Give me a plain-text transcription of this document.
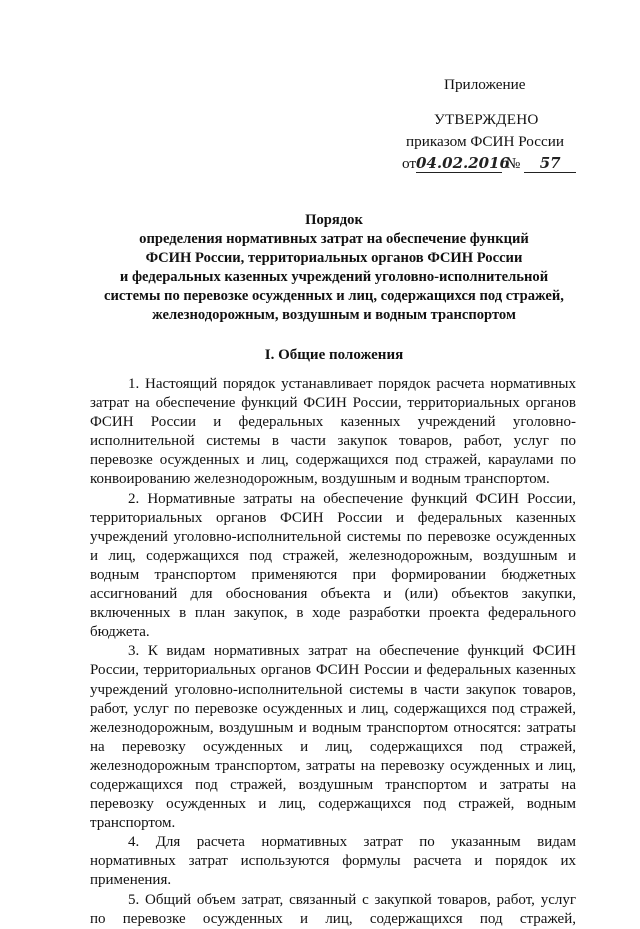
Приложение
УТВЕРЖДЕНО
приказом ФСИН России
от04.02.2016 № 57
Порядок
определения нормативных затрат на обеспечение функций
ФСИН России, территориальных органов ФСИН России
и федеральных казенных учреждений уголовно-исполнительной
системы по перевозке осужденных и лиц, содержащихся под стражей,
железнодорожным, воздушным и водным транспортом
I. Общие положения

1. Настоящий порядок устанавливает порядок расчета нормативных затрат на обеспечение функций ФСИН России, территориальных органов ФСИН России и федеральных казенных учреждений уголовно-исполнительной системы в части закупок товаров, работ, услуг по перевозке осужденных и лиц, содержащихся под стражей, караулами по конвоированию железнодорожным, воздушным и водным транспортом.

2. Нормативные затраты на обеспечение функций ФСИН России, территориальных органов ФСИН России и федеральных казенных учреждений уголовно-исполнительной системы по перевозке осужденных и лиц, содержащихся под стражей, железнодорожным, воздушным и водным транспортом применяются при формировании бюджетных ассигнований для обоснования объекта и (или) объектов закупки, включенных в план закупок, в ходе разработки проекта федерального бюджета.

3. К видам нормативных затрат на обеспечение функций ФСИН России, территориальных органов ФСИН России и федеральных казенных учреждений уголовно-исполнительной системы в части закупок товаров, работ, услуг по перевозке осужденных и лиц, содержащихся под стражей, железнодорожным, воздушным и водным транспортом относятся: затраты на перевозку осужденных и лиц, содержащихся под стражей, железнодорожным транспортом, затраты на перевозку осужденных и лиц, содержащихся под стражей, воздушным транспортом и затраты на перевозку осужденных и лиц, содержащихся под стражей, водным транспортом.

4. Для расчета нормативных затрат по указанным видам нормативных затрат используются формулы расчета и порядок их применения.

5. Общий объем затрат, связанный с закупкой товаров, работ, услуг по перевозке осужденных и лиц, содержащихся под стражей,
